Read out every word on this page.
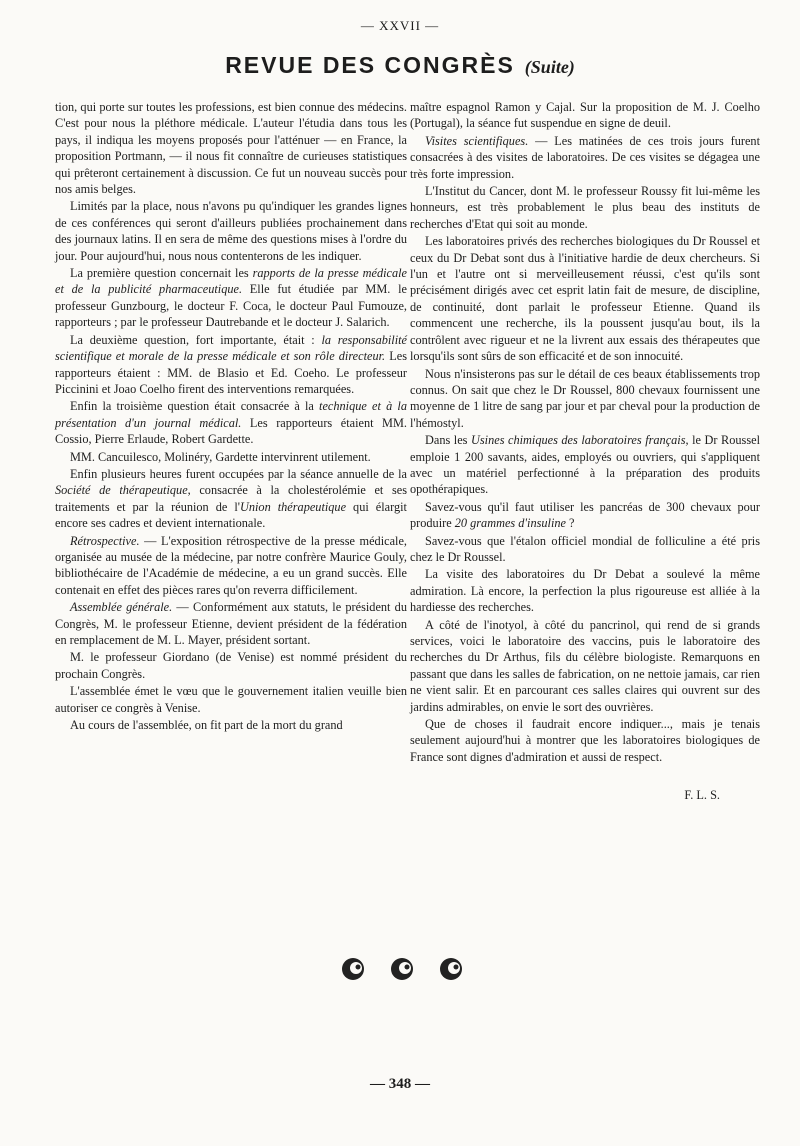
— XXVII —
REVUE DES CONGRÈS (Suite)

tion, qui porte sur toutes les professions, est bien connue des médecins. C'est pour nous la pléthore médicale. L'auteur l'étudia dans tous les pays, il indiqua les moyens proposés pour l'atténuer — en France, la proposition Portmann, — il nous fit connaître de curieuses statistiques qui prêteront certainement à discussion. Ce fut un nouveau succès pour nos amis belges.

Limités par la place, nous n'avons pu qu'indiquer les grandes lignes de ces conférences qui seront d'ailleurs publiées prochainement dans des journaux latins. Il en sera de même des questions mises à l'ordre du jour. Pour aujourd'hui, nous nous contenterons de les indiquer.

La première question concernait les rapports de la presse médicale et de la publicité pharmaceutique. Elle fut étudiée par MM. le professeur Gunzbourg, le docteur F. Coca, le docteur Paul Fumouze, rapporteurs ; par le professeur Dautrebande et le docteur J. Salarich.

La deuxième question, fort importante, était : la responsabilité scientifique et morale de la presse médicale et son rôle directeur. Les rapporteurs étaient : MM. de Blasio et Ed. Coeho. Le professeur Piccinini et Joao Coelho firent des interventions remarquées.

Enfin la troisième question était consacrée à la technique et à la présentation d'un journal médical. Les rapporteurs étaient MM. Cossio, Pierre Erlaude, Robert Gardette.

MM. Cancuilesco, Molinéry, Gardette intervinrent utilement.

Enfin plusieurs heures furent occupées par la séance annuelle de la Société de thérapeutique, consacrée à la cholestérolémie et ses traitements et par la réunion de l'Union thérapeutique qui élargit encore ses cadres et devient internationale.

Rétrospective. — L'exposition rétrospective de la presse médicale, organisée au musée de la médecine, par notre confrère Maurice Gouly, bibliothécaire de l'Académie de médecine, a eu un grand succès. Elle contenait en effet des pièces rares qu'on reverra difficilement.

Assemblée générale. — Conformément aux statuts, le président du Congrès, M. le professeur Etienne, devient président de la fédération en remplacement de M. L. Mayer, président sortant.

M. le professeur Giordano (de Venise) est nommé président du prochain Congrès.

L'assemblée émet le vœu que le gouvernement italien veuille bien autoriser ce congrès à Venise.

Au cours de l'assemblée, on fit part de la mort du grand

maître espagnol Ramon y Cajal. Sur la proposition de M. J. Coelho (Portugal), la séance fut suspendue en signe de deuil.

Visites scientifiques. — Les matinées de ces trois jours furent consacrées à des visites de laboratoires. De ces visites se dégagea une très forte impression.

L'Institut du Cancer, dont M. le professeur Roussy fit lui-même les honneurs, est très probablement le plus beau des instituts de recherches d'Etat qui soit au monde.

Les laboratoires privés des recherches biologiques du Dr Roussel et ceux du Dr Debat sont dus à l'initiative hardie de deux chercheurs. Si l'un et l'autre ont si merveilleusement réussi, c'est qu'ils sont précisément dirigés avec cet esprit latin fait de mesure, de discipline, de continuité, dont parlait le professeur Etienne. Quand ils commencent une recherche, ils la poussent jusqu'au bout, ils la contrôlent avec rigueur et ne la livrent aux essais des thérapeutes que lorsqu'ils sont sûrs de son efficacité et de son innocuité.

Nous n'insisterons pas sur le détail de ces beaux établissements trop connus. On sait que chez le Dr Roussel, 800 chevaux fournissent une moyenne de 1 litre de sang par jour et par cheval pour la production de l'hémostyl.

Dans les Usines chimiques des laboratoires français, le Dr Roussel emploie 1 200 savants, aides, employés ou ouvriers, qui s'appliquent avec un matériel perfectionné à la préparation des produits opothérapiques.

Savez-vous qu'il faut utiliser les pancréas de 300 chevaux pour produire 20 grammes d'insuline ?

Savez-vous que l'étalon officiel mondial de folliculine a été pris chez le Dr Roussel.

La visite des laboratoires du Dr Debat a soulevé la même admiration. Là encore, la perfection la plus rigoureuse est alliée à la hardiesse des recherches.

A côté de l'inotyol, à côté du pancrinol, qui rend de si grands services, voici le laboratoire des vaccins, puis le laboratoire des recherches du Dr Arthus, fils du célèbre biologiste. Remarquons en passant que dans les salles de fabrication, on ne nettoie jamais, car rien ne vient salir. Et en parcourant ces salles claires qui ouvrent sur des jardins admirables, on envie le sort des ouvrières.

Que de choses il faudrait encore indiquer..., mais je tenais seulement aujourd'hui à montrer que les laboratoires biologiques de France sont dignes d'admiration et aussi de respect.

F. L. S.

— 348 —
